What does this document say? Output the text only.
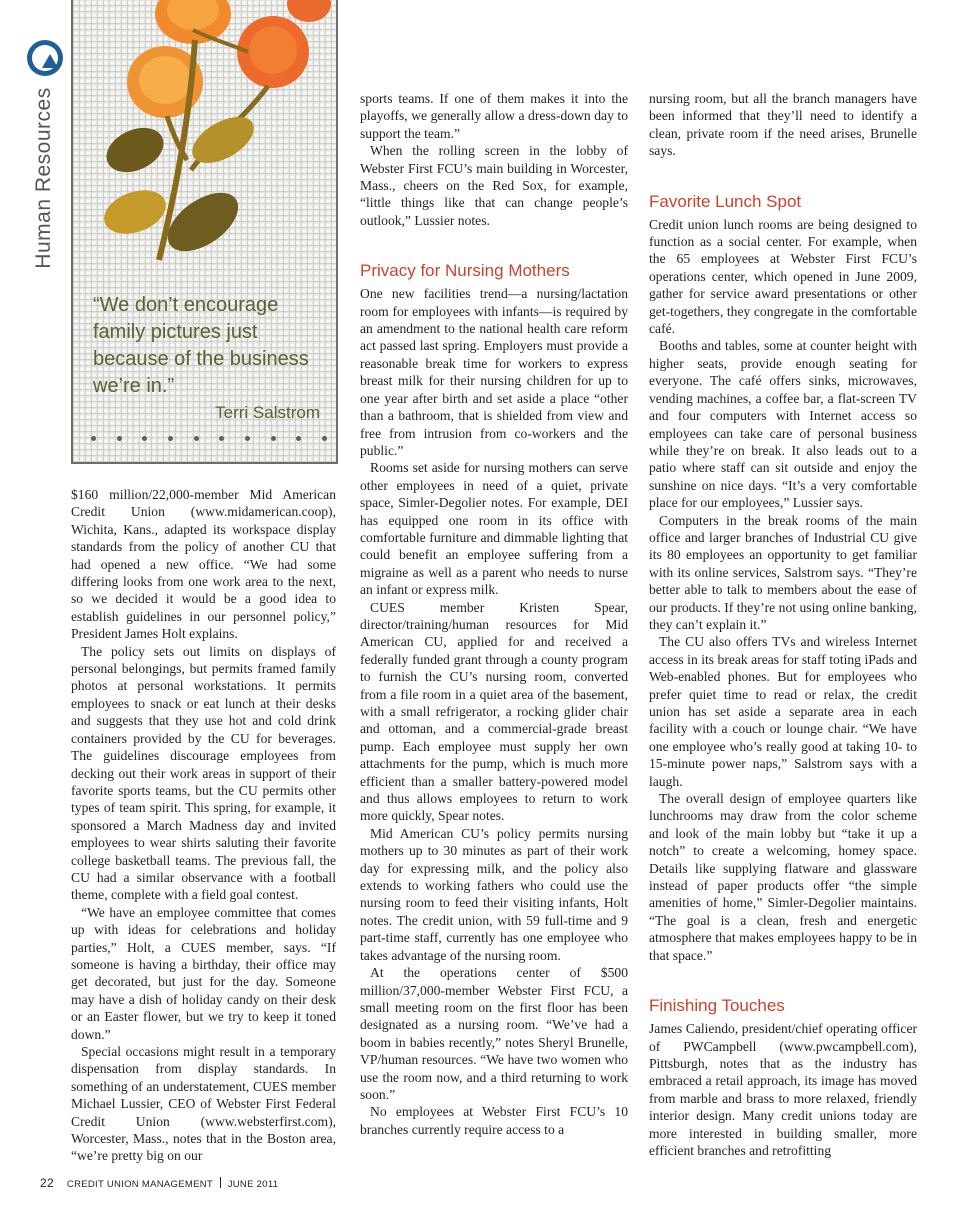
Human Resources
“We don’t encourage family pictures just because of the business we’re in.”
Terri Salstrom

$160 million/22,000-member Mid American Credit Union (www.midamerican.coop), Wichita, Kans., adapted its workspace display standards from the policy of another CU that had opened a new office. “We had some differing looks from one work area to the next, so we decided it would be a good idea to establish guidelines in our personnel policy,” President James Holt explains.

The policy sets out limits on displays of personal belongings, but permits framed family photos at personal workstations. It permits employees to snack or eat lunch at their desks and suggests that they use hot and cold drink containers provided by the CU for beverages. The guidelines discourage employees from decking out their work areas in support of their favorite sports teams, but the CU permits other types of team spirit. This spring, for example, it sponsored a March Madness day and invited employees to wear shirts saluting their favorite college basketball teams. The previous fall, the CU had a similar observance with a football theme, complete with a field goal contest.

“We have an employee committee that comes up with ideas for celebrations and holiday parties,” Holt, a CUES member, says. “If someone is having a birthday, their office may get decorated, but just for the day. Someone may have a dish of holiday candy on their desk or an Easter flower, but we try to keep it toned down.”

Special occasions might result in a temporary dispensation from display standards. In something of an understatement, CUES member Michael Lussier, CEO of Webster First Federal Credit Union (www.websterfirst.com), Worcester, Mass., notes that in the Boston area, “we’re pretty big on our

sports teams. If one of them makes it into the playoffs, we generally allow a dress-down day to support the team.”

When the rolling screen in the lobby of Webster First FCU’s main building in Worcester, Mass., cheers on the Red Sox, for example, “little things like that can change people’s outlook,” Lussier notes.

Privacy for Nursing Mothers

One new facilities trend—a nursing/lactation room for employees with infants—is required by an amendment to the national health care reform act passed last spring. Employers must provide a reasonable break time for workers to express breast milk for their nursing children for up to one year after birth and set aside a place “other than a bathroom, that is shielded from view and free from intrusion from co-workers and the public.”

Rooms set aside for nursing mothers can serve other employees in need of a quiet, private space, Simler-Degolier notes. For example, DEI has equipped one room in its office with comfortable furniture and dimmable lighting that could benefit an employee suffering from a migraine as well as a parent who needs to nurse an infant or express milk.

CUES member Kristen Spear, director/training/human resources for Mid American CU, applied for and received a federally funded grant through a county program to furnish the CU’s nursing room, converted from a file room in a quiet area of the basement, with a small refrigerator, a rocking glider chair and ottoman, and a commercial-grade breast pump. Each employee must supply her own attachments for the pump, which is much more efficient than a smaller battery-powered model and thus allows employees to return to work more quickly, Spear notes.

Mid American CU’s policy permits nursing mothers up to 30 minutes as part of their work day for expressing milk, and the policy also extends to working fathers who could use the nursing room to feed their visiting infants, Holt notes. The credit union, with 59 full-time and 9 part-time staff, currently has one employee who takes advantage of the nursing room.

At the operations center of $500 million/37,000-member Webster First FCU, a small meeting room on the first floor has been designated as a nursing room. “We’ve had a boom in babies recently,” notes Sheryl Brunelle, VP/human resources. “We have two women who use the room now, and a third returning to work soon.”

No employees at Webster First FCU’s 10 branches currently require access to a

nursing room, but all the branch managers have been informed that they’ll need to identify a clean, private room if the need arises, Brunelle says.

Favorite Lunch Spot

Credit union lunch rooms are being designed to function as a social center. For example, when the 65 employees at Webster First FCU’s operations center, which opened in June 2009, gather for service award presentations or other get-togethers, they congregate in the comfortable café.

Booths and tables, some at counter height with higher seats, provide enough seating for everyone. The café offers sinks, microwaves, vending machines, a coffee bar, a flat-screen TV and four computers with Internet access so employees can take care of personal business while they’re on break. It also leads out to a patio where staff can sit outside and enjoy the sunshine on nice days. “It’s a very comfortable place for our employees,” Lussier says.

Computers in the break rooms of the main office and larger branches of Industrial CU give its 80 employees an opportunity to get familiar with its online services, Salstrom says. “They’re better able to talk to members about the ease of our products. If they’re not using online banking, they can’t explain it.”

The CU also offers TVs and wireless Internet access in its break areas for staff toting iPads and Web-enabled phones. But for employees who prefer quiet time to read or relax, the credit union has set aside a separate area in each facility with a couch or lounge chair. “We have one employee who’s really good at taking 10- to 15-minute power naps,” Salstrom says with a laugh.

The overall design of employee quarters like lunchrooms may draw from the color scheme and look of the main lobby but “take it up a notch” to create a welcoming, homey space. Details like supplying flatware and glassware instead of paper products offer “the simple amenities of home,” Simler-Degolier maintains. “The goal is a clean, fresh and energetic atmosphere that makes employees happy to be in that space.”

Finishing Touches

James Caliendo, president/chief operating officer of PWCampbell (www.pwcampbell.com), Pittsburgh, notes that as the industry has embraced a retail approach, its image has moved from marble and brass to more relaxed, friendly interior design. Many credit unions today are more interested in building smaller, more efficient branches and retrofitting

22 CREDIT UNION MANAGEMENT JUNE 2011
